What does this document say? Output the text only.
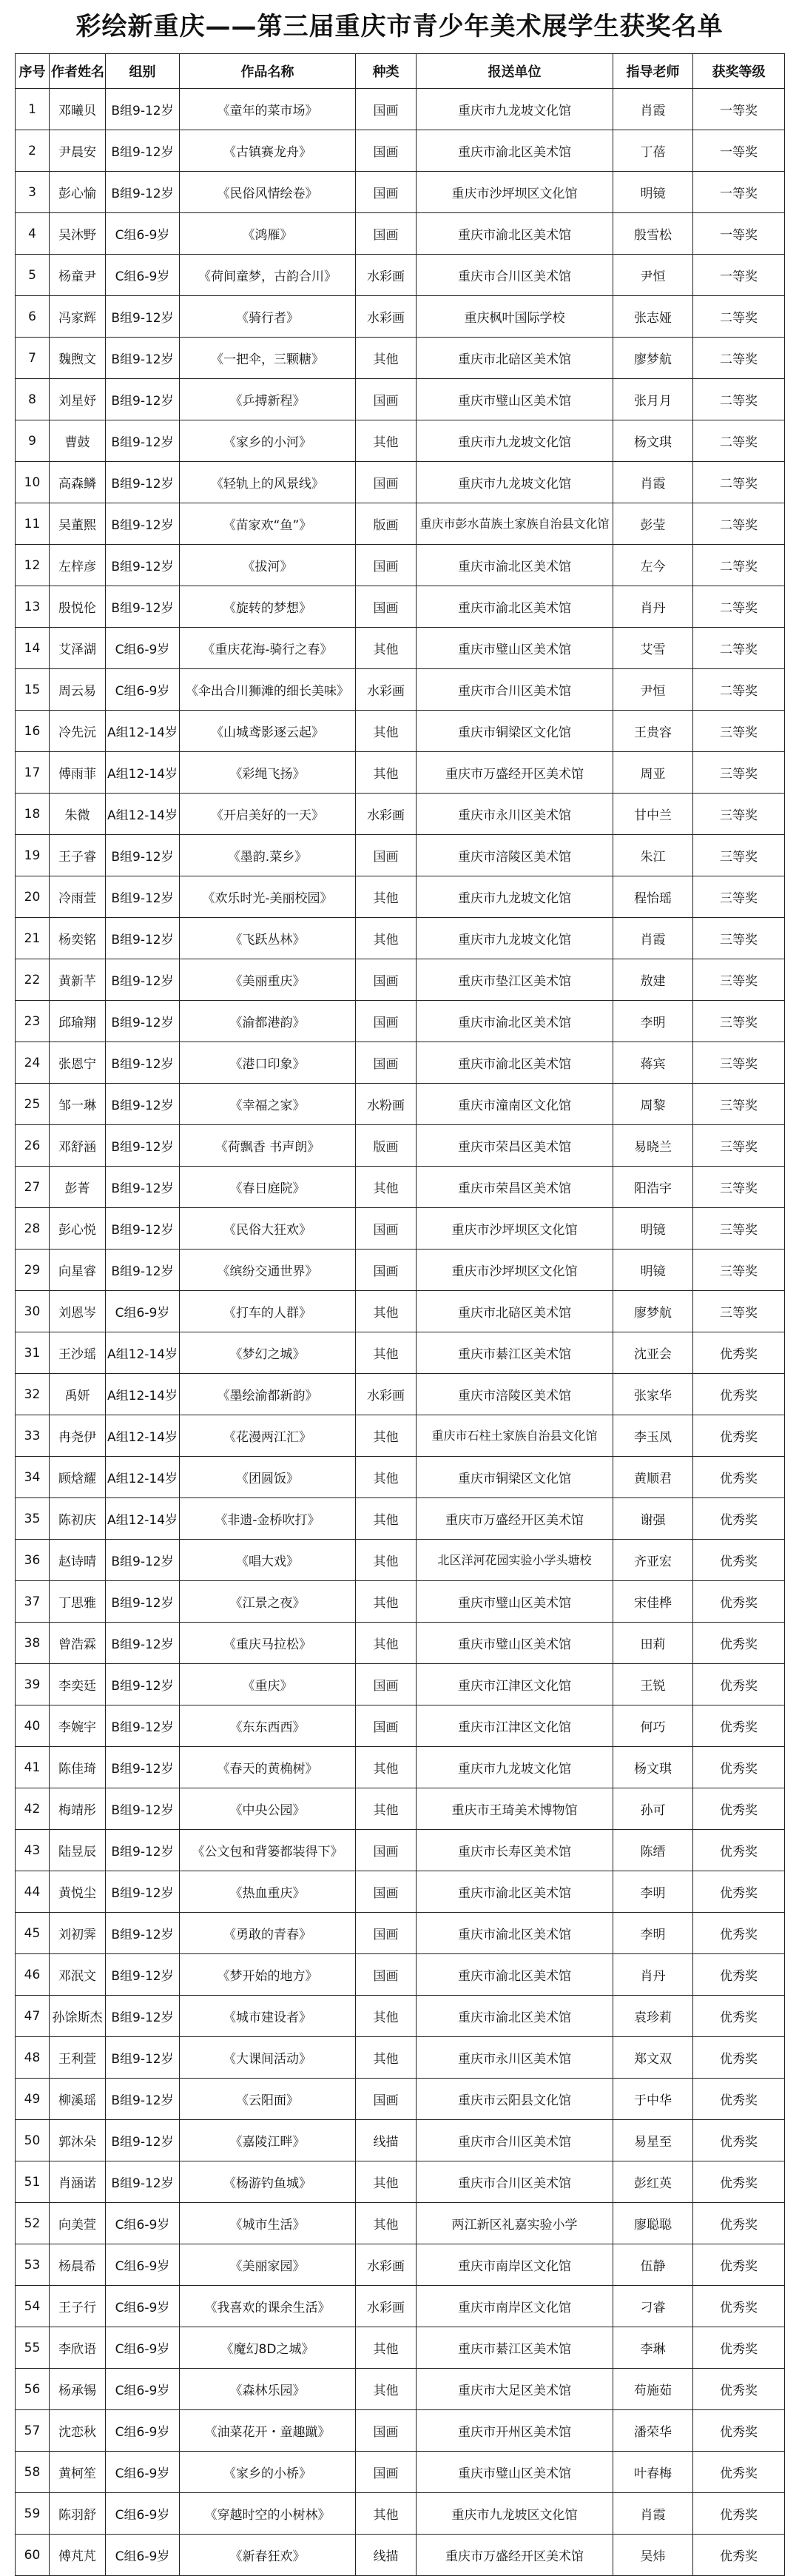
彩绘新重庆——第三届重庆市青少年美术展学生获奖名单
序号	作者姓名	组别	作品名称	种类	报送单位	指导老师	获奖等级
1	邓曦贝	B组9-12岁	《童年的菜市场》	国画	重庆市九龙坡文化馆	肖霞	一等奖
2	尹晨安	B组9-12岁	《古镇赛龙舟》	国画	重庆市渝北区美术馆	丁蓓	一等奖
3	彭心愉	B组9-12岁	《民俗风情绘卷》	国画	重庆市沙坪坝区文化馆	明镜	一等奖
4	吴沐野	C组6-9岁	《鸿雁》	国画	重庆市渝北区美术馆	殷雪松	一等奖
5	杨童尹	C组6-9岁	《荷间童梦，古韵合川》	水彩画	重庆市合川区美术馆	尹恒	一等奖
6	冯家辉	B组9-12岁	《骑行者》	水彩画	重庆枫叶国际学校	张志娅	二等奖
7	魏煦文	B组9-12岁	《一把伞，三颗糖》	其他	重庆市北碚区美术馆	廖梦航	二等奖
8	刘星妤	B组9-12岁	《乒搏新程》	国画	重庆市璧山区美术馆	张月月	二等奖
9	曹鼓	B组9-12岁	《家乡的小河》	其他	重庆市九龙坡文化馆	杨文琪	二等奖
10	高森鳞	B组9-12岁	《轻轨上的风景线》	国画	重庆市九龙坡文化馆	肖霞	二等奖
11	吴董熙	B组9-12岁	《苗家欢“鱼”》	版画	重庆市彭水苗族土家族自治县文化馆	彭莹	二等奖
12	左梓彦	B组9-12岁	《拔河》	国画	重庆市渝北区美术馆	左今	二等奖
13	殷悦伦	B组9-12岁	《旋转的梦想》	国画	重庆市渝北区美术馆	肖丹	二等奖
14	艾泽湖	C组6-9岁	《重庆花海-骑行之春》	其他	重庆市璧山区美术馆	艾雪	二等奖
15	周云易	C组6-9岁	《伞出合川狮滩的细长美味》	水彩画	重庆市合川区美术馆	尹恒	二等奖
16	冷先沅	A组12-14岁	《山城鸢影逐云起》	其他	重庆市铜梁区文化馆	王贵容	三等奖
17	傅雨菲	A组12-14岁	《彩绳飞扬》	其他	重庆市万盛经开区美术馆	周亚	三等奖
18	朱微	A组12-14岁	《开启美好的一天》	水彩画	重庆市永川区美术馆	甘中兰	三等奖
19	王子睿	B组9-12岁	《墨韵.菜乡》	国画	重庆市涪陵区美术馆	朱江	三等奖
20	冷雨萱	B组9-12岁	《欢乐时光-美丽校园》	其他	重庆市九龙坡文化馆	程怡瑶	三等奖
21	杨奕铭	B组9-12岁	《飞跃丛林》	其他	重庆市九龙坡文化馆	肖霞	三等奖
22	黄新芊	B组9-12岁	《美丽重庆》	国画	重庆市垫江区美术馆	敖建	三等奖
23	邱瑜翔	B组9-12岁	《渝都港韵》	国画	重庆市渝北区美术馆	李明	三等奖
24	张恩宁	B组9-12岁	《港口印象》	国画	重庆市渝北区美术馆	蒋宾	三等奖
25	邹一琳	B组9-12岁	《幸福之家》	水粉画	重庆市潼南区文化馆	周黎	三等奖
26	邓舒涵	B组9-12岁	《荷飘香 书声朗》	版画	重庆市荣昌区美术馆	易晓兰	三等奖
27	彭菁	B组9-12岁	《春日庭院》	其他	重庆市荣昌区美术馆	阳浩宇	三等奖
28	彭心悦	B组9-12岁	《民俗大狂欢》	国画	重庆市沙坪坝区文化馆	明镜	三等奖
29	向星睿	B组9-12岁	《缤纷交通世界》	国画	重庆市沙坪坝区文化馆	明镜	三等奖
30	刘恩岑	C组6-9岁	《打车的人群》	其他	重庆市北碚区美术馆	廖梦航	三等奖
31	王沙瑶	A组12-14岁	《梦幻之城》	其他	重庆市綦江区美术馆	沈亚会	优秀奖
32	禹妍	A组12-14岁	《墨绘渝都新韵》	水彩画	重庆市涪陵区美术馆	张家华	优秀奖
33	冉尧伊	A组12-14岁	《花漫两江汇》	其他	重庆市石柱土家族自治县文化馆	李玉凤	优秀奖
34	顾焓耀	A组12-14岁	《团圆饭》	其他	重庆市铜梁区文化馆	黄顺君	优秀奖
35	陈初庆	A组12-14岁	《非遗-金桥吹打》	其他	重庆市万盛经开区美术馆	谢强	优秀奖
36	赵诗晴	B组9-12岁	《唱大戏》	其他	北区洋河花园实验小学头塘校	齐亚宏	优秀奖
37	丁思雅	B组9-12岁	《江景之夜》	其他	重庆市璧山区美术馆	宋佳桦	优秀奖
38	曾浩霖	B组9-12岁	《重庆马拉松》	其他	重庆市璧山区美术馆	田莉	优秀奖
39	李奕廷	B组9-12岁	《重庆》	国画	重庆市江津区文化馆	王锐	优秀奖
40	李婉宇	B组9-12岁	《东东西西》	国画	重庆市江津区文化馆	何巧	优秀奖
41	陈佳琦	B组9-12岁	《春天的黄桷树》	其他	重庆市九龙坡文化馆	杨文琪	优秀奖
42	梅靖彤	B组9-12岁	《中央公园》	其他	重庆市王琦美术博物馆	孙可	优秀奖
43	陆昱辰	B组9-12岁	《公文包和背篓都装得下》	国画	重庆市长寿区美术馆	陈缙	优秀奖
44	黄悦尘	B组9-12岁	《热血重庆》	国画	重庆市渝北区美术馆	李明	优秀奖
45	刘初霁	B组9-12岁	《勇敢的青春》	国画	重庆市渝北区美术馆	李明	优秀奖
46	邓泯文	B组9-12岁	《梦开始的地方》	国画	重庆市渝北区美术馆	肖丹	优秀奖
47	孙馀斯杰	B组9-12岁	《城市建设者》	其他	重庆市渝北区美术馆	袁珍莉	优秀奖
48	王利萱	B组9-12岁	《大课间活动》	其他	重庆市永川区美术馆	郑文双	优秀奖
49	柳溪瑶	B组9-12岁	《云阳面》	国画	重庆市云阳县文化馆	于中华	优秀奖
50	郭沐朵	B组9-12岁	《嘉陵江畔》	线描	重庆市合川区美术馆	易星至	优秀奖
51	肖涵诺	B组9-12岁	《杨游钓鱼城》	其他	重庆市合川区美术馆	彭红英	优秀奖
52	向美萱	C组6-9岁	《城市生活》	其他	两江新区礼嘉实验小学	廖聪聪	优秀奖
53	杨晨希	C组6-9岁	《美丽家园》	水彩画	重庆市南岸区文化馆	伍静	优秀奖
54	王子行	C组6-9岁	《我喜欢的课余生活》	水彩画	重庆市南岸区文化馆	刁睿	优秀奖
55	李欣语	C组6-9岁	《魔幻8D之城》	其他	重庆市綦江区美术馆	李琳	优秀奖
56	杨承锡	C组6-9岁	《森林乐园》	其他	重庆市大足区美术馆	苟施茹	优秀奖
57	沈恋秋	C组6-9岁	《油菜花开・童趣蹴》	国画	重庆市开州区美术馆	潘荣华	优秀奖
58	黄柯笙	C组6-9岁	《家乡的小桥》	国画	重庆市璧山区美术馆	叶春梅	优秀奖
59	陈羽舒	C组6-9岁	《穿越时空的小树林》	其他	重庆市九龙坡区文化馆	肖霞	优秀奖
60	傅芃芃	C组6-9岁	《新春狂欢》	线描	重庆市万盛经开区美术馆	吴炜	优秀奖
